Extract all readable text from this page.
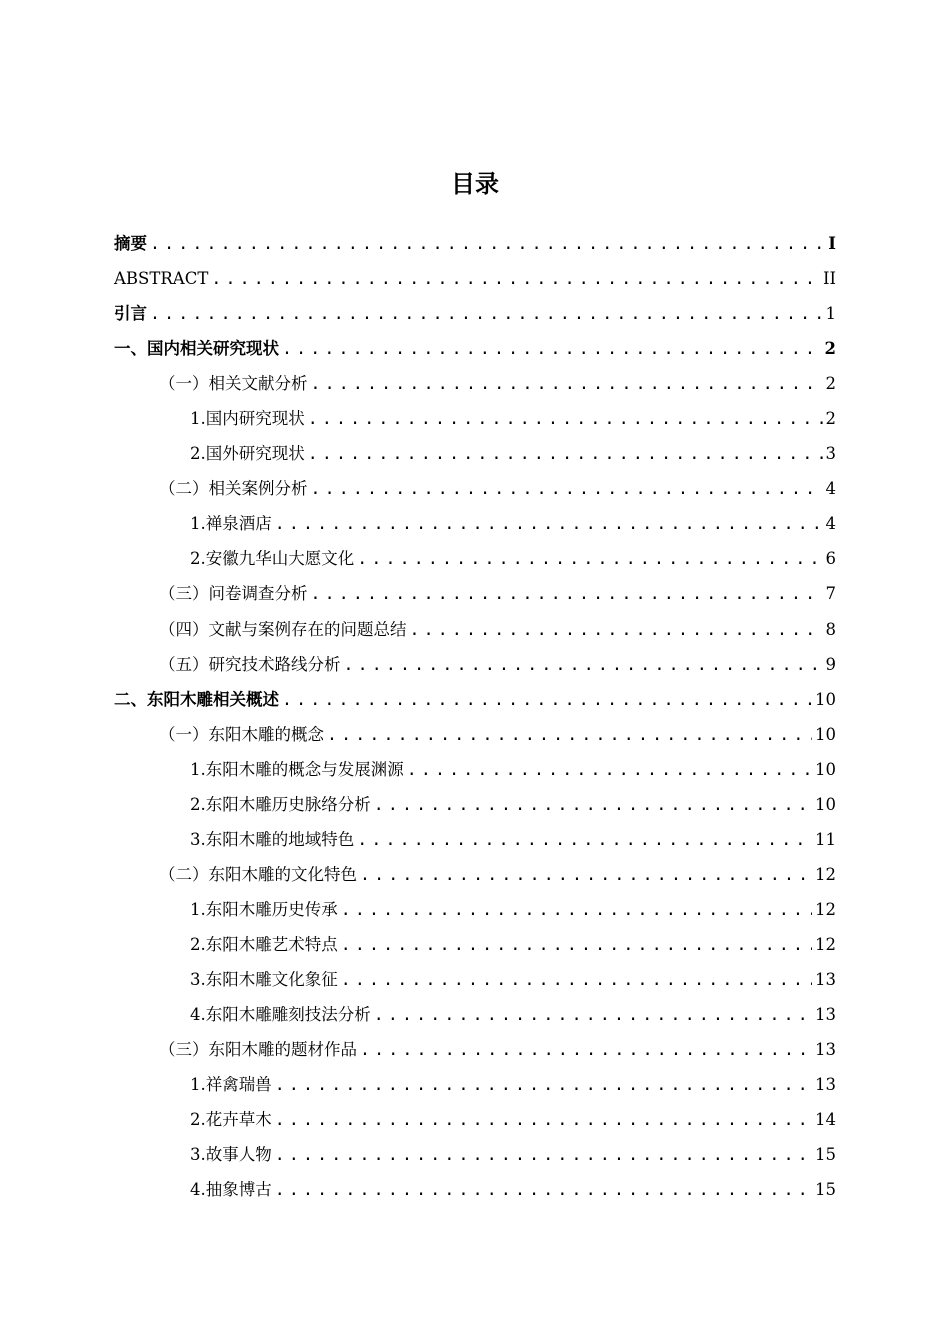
目录
摘要 .....	I
ABSTRACT .....	II
引言 .....	1
一、国内相关研究现状 .....	2
（一）相关文献分析 .....	2
1.国内研究现状 .....	2
2.国外研究现状 .....	3
（二）相关案例分析 .....	4
1.禅泉酒店 .....	4
2.安徽九华山大愿文化 .....	6
（三）问卷调查分析 .....	7
（四）文献与案例存在的问题总结 .....	8
（五）研究技术路线分析 .....	9
二、东阳木雕相关概述 .....	10
（一）东阳木雕的概念 .....	10
1.东阳木雕的概念与发展渊源 .....	10
2.东阳木雕历史脉络分析 .....	10
3.东阳木雕的地域特色 .....	11
（二）东阳木雕的文化特色 .....	12
1.东阳木雕历史传承 .....	12
2.东阳木雕艺术特点 .....	12
3.东阳木雕文化象征 .....	13
4.东阳木雕雕刻技法分析 .....	13
（三）东阳木雕的题材作品 .....	13
1.祥禽瑞兽 .....	13
2.花卉草木 .....	14
3.故事人物 .....	15
4.抽象博古 .....	15
